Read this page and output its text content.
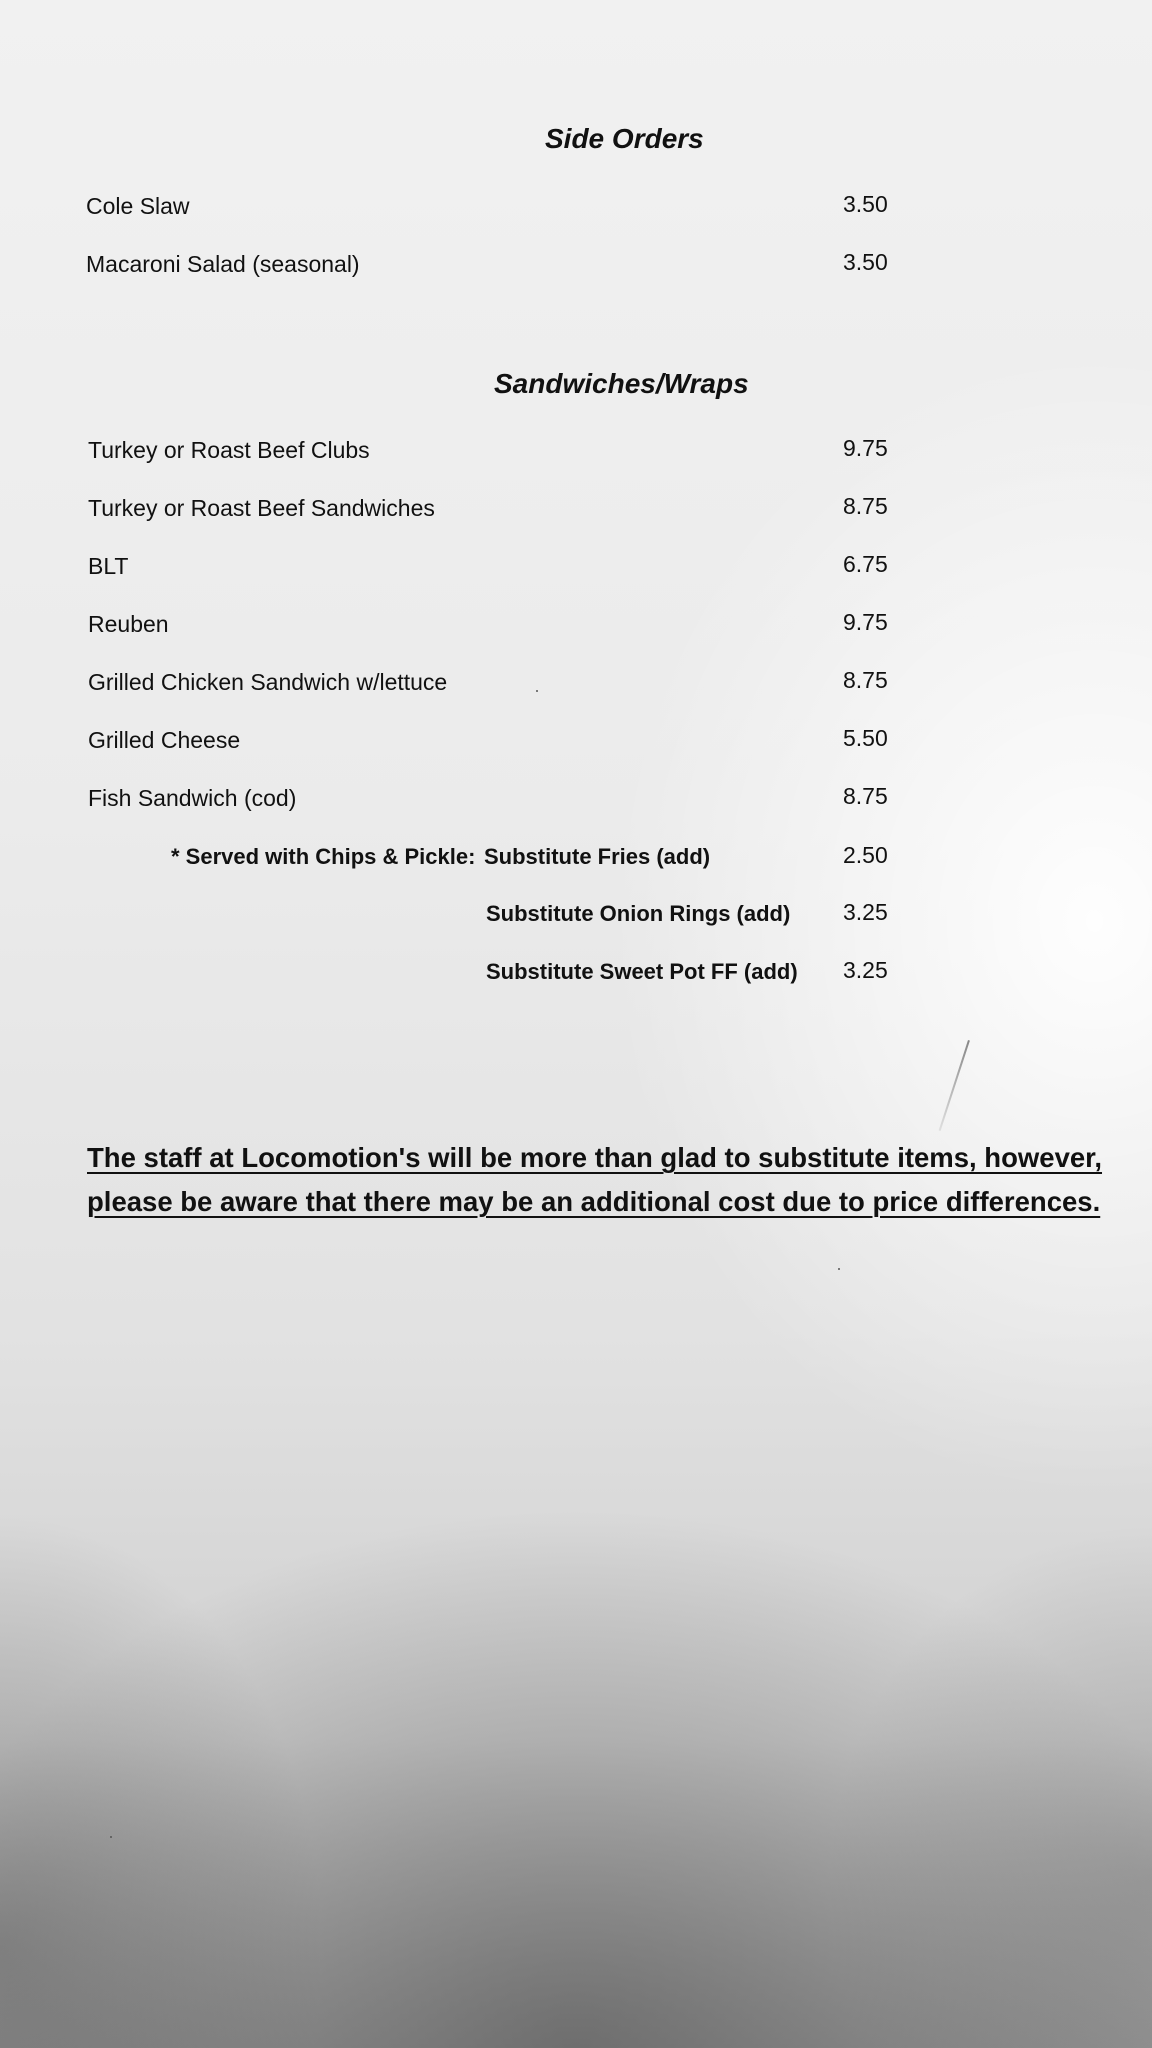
Side Orders
Cole Slaw	3.50
Macaroni Salad (seasonal)	3.50
Sandwiches/Wraps
Turkey or Roast Beef Clubs	9.75
Turkey or Roast Beef Sandwiches	8.75
BLT	6.75
Reuben	9.75
Grilled Chicken Sandwich w/lettuce	8.75
Grilled Cheese	5.50
Fish Sandwich (cod)	8.75
* Served with Chips & Pickle: Substitute Fries (add)	2.50
Substitute Onion Rings (add) 3.25
Substitute Sweet Pot FF (add) 3.25
The staff at Locomotion's will be more than glad to substitute items, however,
please be aware that there may be an additional cost due to price differences.
